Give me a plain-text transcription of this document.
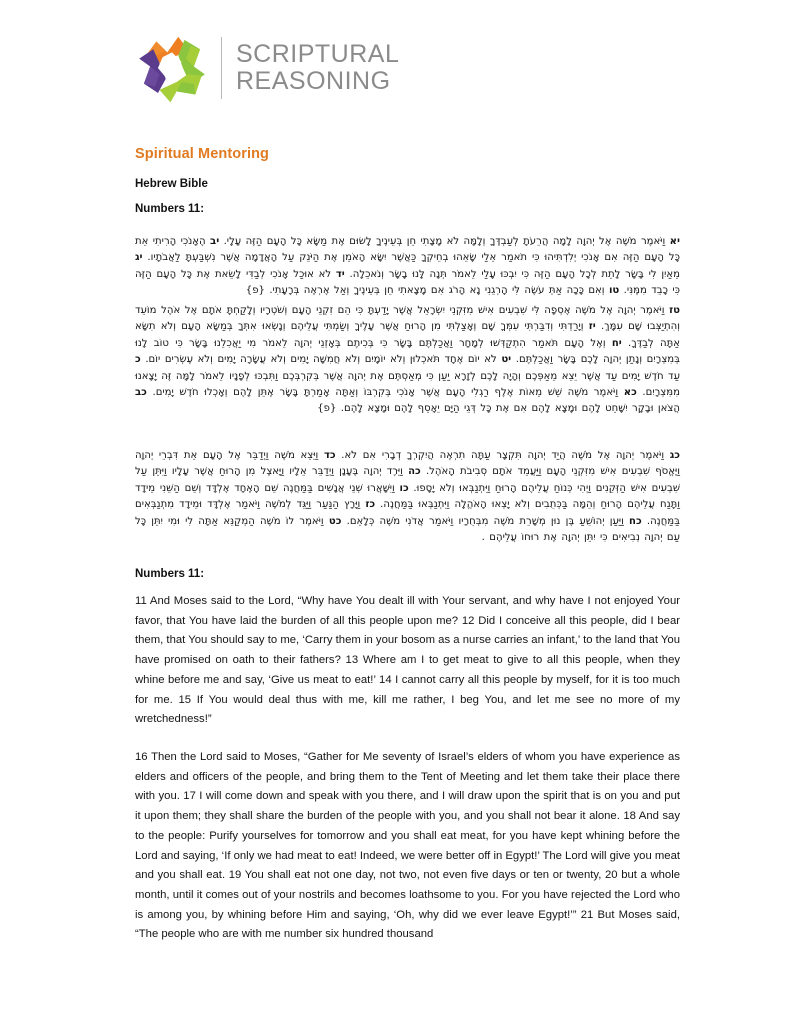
SCRIPTURAL
REASONING
Spiritual Mentoring
Hebrew Bible
Numbers 11:

יא וַיֹּאמֶר מֹשֶׁה אֶל יְהוָה לָמָה הֲרֵעֹתָ לְעַבְדֶּךָ וְלָמָּה לֹא מָצָתִי חֵן בְּעֵינֶיךָ לָשׂוּם אֶת מַשָּׂא כָּל הָעָם הַזֶּה עָלָי. יב הֶאָנֹכִי הָרִיתִי אֵת כָּל הָעָם הַזֶּה אִם אָנֹכִי יְלִדְתִּיהוּ כִּי תֹאמַר אֵלַי שָׂאֵהוּ בְחֵיקְךָ כַּאֲשֶׁר יִשָּׂא הָאֹמֵן אֶת הַיֹּנֵק עַל הָאֲדָמָה אֲשֶׁר נִשְׁבַּעְתָּ לַאֲבֹתָיו. יג מֵאַיִן לִי בָּשָׂר לָתֵת לְכָל הָעָם הַזֶּה כִּי יִבְכּוּ עָלַי לֵאמֹר תְּנָה לָּנוּ בָשָׂר וְנֹאכֵלָה. יד לֹא אוּכַל אָנֹכִי לְבַדִּי לָשֵׂאת אֶת כָּל הָעָם הַזֶּה כִּי כָבֵד מִמֶּנִּי. טו וְאִם כָּכָה אַתְּ עֹשֶׂה לִּי הָרְגֵנִי נָא הָרֹג אִם מָצָאתִי חֵן בְּעֵינֶיךָ וְאַל אֶרְאֶה בְּרָעָתִי. {פ}

טז וַיֹּאמֶר יְהוָה אֶל מֹשֶׁה אֶסְפָה לִּי שִׁבְעִים אִישׁ מִזִּקְנֵי יִשְׂרָאֵל אֲשֶׁר יָדַעְתָּ כִּי הֵם זִקְנֵי הָעָם וְשֹׁטְרָיו וְלָקַחְתָּ אֹתָם אֶל אֹהֶל מוֹעֵד וְהִתְיַצְּבוּ שָׁם עִמָּךְ. יז וְיָרַדְתִּי וְדִבַּרְתִּי עִמְּךָ שָׁם וְאָצַלְתִּי מִן הָרוּחַ אֲשֶׁר עָלֶיךָ וְשַׂמְתִּי עֲלֵיהֶם וְנָשְׂאוּ אִתְּךָ בְּמַשָּׂא הָעָם וְלֹא תִשָּׂא אַתָּה לְבַדֶּךָ. יח וְאֶל הָעָם תֹּאמַר הִתְקַדְּשׁוּ לְמָחָר וַאֲכַלְתֶּם בָּשָׂר כִּי בְּכִיתֶם בְּאָזְנֵי יְהוָה לֵאמֹר מִי יַאֲכִלֵנוּ בָּשָׂר כִּי טוֹב לָנוּ בְּמִצְרָיִם וְנָתַן יְהוָה לָכֶם בָּשָׂר וַאֲכַלְתֶּם. יט לֹא יוֹם אֶחָד תֹּאכְלוּן וְלֹא יוֹמָיִם וְלֹא חֲמִשָּׁה יָמִים וְלֹא עֲשָׂרָה יָמִים וְלֹא עֶשְׂרִים יוֹם. כ עַד חֹדֶשׁ יָמִים עַד אֲשֶׁר יֵצֵא מֵאַפְּכֶם וְהָיָה לָכֶם לְזָרָא יַעַן כִּי מְאַסְתֶּם אֶת יְהוָה אֲשֶׁר בְּקִרְבְּכֶם וַתִּבְכּוּ לְפָנָיו לֵאמֹר לָמָּה זֶּה יָצָאנוּ מִמִּצְרָיִם. כא וַיֹּאמֶר מֹשֶׁה שֵׁשׁ מֵאוֹת אֶלֶף רַגְלִי הָעָם אֲשֶׁר אָנֹכִי בְּקִרְבּוֹ וְאַתָּה אָמַרְתָּ בָּשָׂר אֶתֵּן לָהֶם וְאָכְלוּ חֹדֶשׁ יָמִים. כב הֲצֹאן וּבָקָר יִשָּׁחֵט לָהֶם וּמָצָא לָהֶם אִם אֶת כָּל דְּגֵי הַיָּם יֵאָסֵף לָהֶם וּמָצָא לָהֶם. {פ}

כג וַיֹּאמֶר יְהוָה אֶל מֹשֶׁה הֲיַד יְהוָה תִּקְצָר עַתָּה תִרְאֶה הֲיִקְרְךָ דְבָרִי אִם לֹא. כד וַיֵּצֵא מֹשֶׁה וַיְדַבֵּר אֶל הָעָם אֵת דִּבְרֵי יְהוָה וַיֶּאֱסֹף שִׁבְעִים אִישׁ מִזִּקְנֵי הָעָם וַיַּעֲמֵד אֹתָם סְבִיבֹת הָאֹהֶל. כה וַיֵּרֶד יְהוָה בֶּעָנָן וַיְדַבֵּר אֵלָיו וַיָּאצֶל מִן הָרוּחַ אֲשֶׁר עָלָיו וַיִּתֵּן עַל שִׁבְעִים אִישׁ הַזְּקֵנִים וַיְהִי כְּנוֹחַ עֲלֵיהֶם הָרוּחַ וַיִּתְנַבְּאוּ וְלֹא יָסָפוּ. כו וַיִּשָּׁאֲרוּ שְׁנֵי אֲנָשִׁים בַּמַּחֲנֶה שֵׁם הָאֶחָד אֶלְדָּד וְשֵׁם הַשֵּׁנִי מֵידָד וַתָּנַח עֲלֵיהֶם הָרוּחַ וְהֵמָּה בַּכְּתֻבִים וְלֹא יָצְאוּ הָאֹהֱלָה וַיִּתְנַבְּאוּ בַּמַּחֲנֶה. כז וַיָּרָץ הַנַּעַר וַיַּגֵּד לְמֹשֶׁה וַיֹּאמַר אֶלְדָּד וּמֵידָד מִתְנַבְּאִים בַּמַּחֲנֶה. כח וַיַּעַן יְהוֹשֻׁעַ בֶּן נוּן מְשָׁרֵת מֹשֶׁה מִבְּחֻרָיו וַיֹּאמַר אֲדֹנִי מֹשֶׁה כְּלָאֵם. כט וַיֹּאמֶר לוֹ מֹשֶׁה הַמְקַנֵּא אַתָּה לִי וּמִי יִתֵּן כָּל עַם יְהוָה נְבִיאִים כִּי יִתֵּן יְהוָה אֶת רוּחוֹ עֲלֵיהֶם .

Numbers 11:

11 And Moses said to the Lord, “Why have You dealt ill with Your servant, and why have I not enjoyed Your favor, that You have laid the burden of all this people upon me? 12 Did I conceive all this people, did I bear them, that You should say to me, ‘Carry them in your bosom as a nurse carries an infant,’ to the land that You have promised on oath to their fathers? 13 Where am I to get meat to give to all this people, when they whine before me and say, ‘Give us meat to eat!’ 14 I cannot carry all this people by myself, for it is too much for me. 15 If You would deal thus with me, kill me rather, I beg You, and let me see no more of my wretchedness!”

16 Then the Lord said to Moses, “Gather for Me seventy of Israel’s elders of whom you have experience as elders and officers of the people, and bring them to the Tent of Meeting and let them take their place there with you. 17 I will come down and speak with you there, and I will draw upon the spirit that is on you and put it upon them; they shall share the burden of the people with you, and you shall not bear it alone. 18 And say to the people: Purify yourselves for tomorrow and you shall eat meat, for you have kept whining before the Lord and saying, ‘If only we had meat to eat! Indeed, we were better off in Egypt!’ The Lord will give you meat and you shall eat. 19 You shall eat not one day, not two, not even five days or ten or twenty, 20 but a whole month, until it comes out of your nostrils and becomes loathsome to you. For you have rejected the Lord who is among you, by whining before Him and saying, ‘Oh, why did we ever leave Egypt!’” 21 But Moses said, “The people who are with me number six hundred thousand
